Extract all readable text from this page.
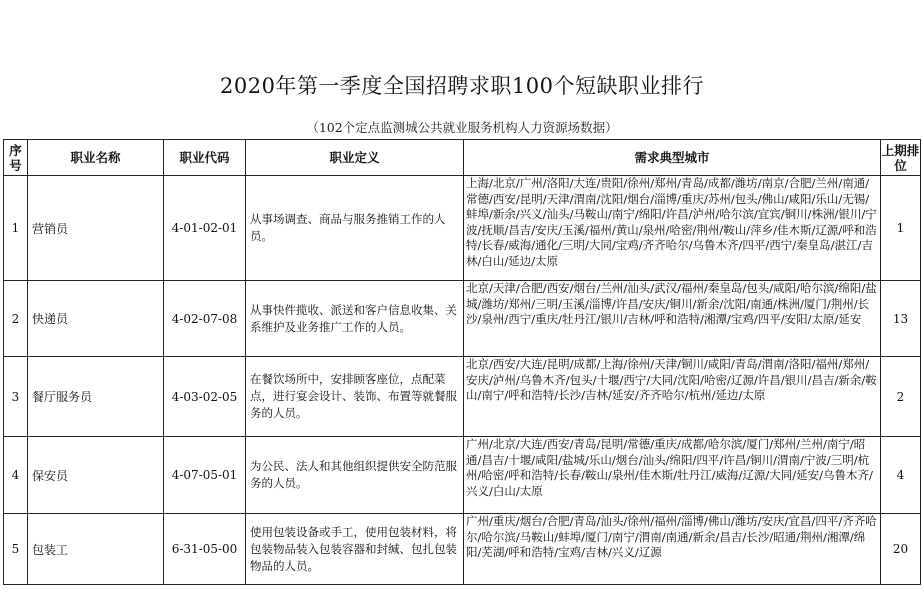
2020年第一季度全国招聘求职100个短缺职业排行
（102个定点监测城公共就业服务机构人力资源场数据）
序号	职业名称	职业代码	职业定义	需求典型城市	上期排位
1	营销员	4-01-02-01	从事场调查、商品与服务推销工作的人员。	上海/北京/广州/洛阳/大连/贵阳/徐州/郑州/青岛/成都/潍坊/南京/合肥/兰州/南通/常德/西安/昆明/天津/渭南/沈阳/烟台/淄博/重庆/苏州/包头/佛山/咸阳/乐山/无锡/蚌埠/新余/兴义/汕头/马鞍山/南宁/绵阳/许昌/泸州/哈尔滨/宜宾/铜川/株洲/银川/宁波/抚顺/昌吉/安庆/玉溪/福州/黄山/泉州/哈密/荆州/鞍山/萍乡/佳木斯/辽源/呼和浩特/长春/威海/通化/三明/大同/宝鸡/齐齐哈尔/乌鲁木齐/四平/西宁/秦皇岛/湛江/吉林/白山/延边/太原	1
2	快递员	4-02-07-08	从事快件揽收、派送和客户信息收集、关系维护及业务推广工作的人员。	北京/天津/合肥/西安/烟台/兰州/汕头/武汉/福州/秦皇岛/包头/咸阳/哈尔滨/绵阳/盐城/潍坊/郑州/三明/玉溪/淄博/许昌/安庆/铜川/新余/沈阳/南通/株洲/厦门/荆州/长沙/泉州/西宁/重庆/牡丹江/银川/吉林/呼和浩特/湘潭/宝鸡/四平/安阳/太原/延安	13
3	餐厅服务员	4-03-02-05	在餐饮场所中，安排顾客座位，点配菜点，进行宴会设计、装饰、布置等就餐服务的人员。	北京/西安/大连/昆明/成都/上海/徐州/天津/铜川/咸阳/青岛/渭南/洛阳/福州/郑州/安庆/泸州/乌鲁木齐/包头/十堰/西宁/大同/沈阳/哈密/辽源/许昌/银川/昌吉/新余/鞍山/南宁/呼和浩特/长沙/吉林/延安/齐齐哈尔/杭州/延边/太原	2
4	保安员	4-07-05-01	为公民、法人和其他组织提供安全防范服务的人员。	广州/北京/大连/西安/青岛/昆明/常德/重庆/成都/哈尔滨/厦门/郑州/兰州/南宁/昭通/昌吉/十堰/咸阳/盐城/乐山/烟台/汕头/绵阳/四平/许昌/铜川/渭南/宁波/三明/杭州/哈密/呼和浩特/长春/鞍山/泉州/佳木斯/牡丹江/威海/辽源/大同/延安/乌鲁木齐/兴义/白山/太原	4
5	包装工	6-31-05-00	使用包装设备或手工，使用包装材料，将包装物品装入包装容器和封缄、包扎包装物品的人员。	广州/重庆/烟台/合肥/青岛/汕头/徐州/福州/淄博/佛山/潍坊/安庆/宜昌/四平/齐齐哈尔/哈尔滨/马鞍山/蚌埠/厦门/南宁/渭南/南通/新余/昌吉/长沙/昭通/荆州/湘潭/绵阳/芜湖/呼和浩特/宝鸡/吉林/兴义/辽源	20
